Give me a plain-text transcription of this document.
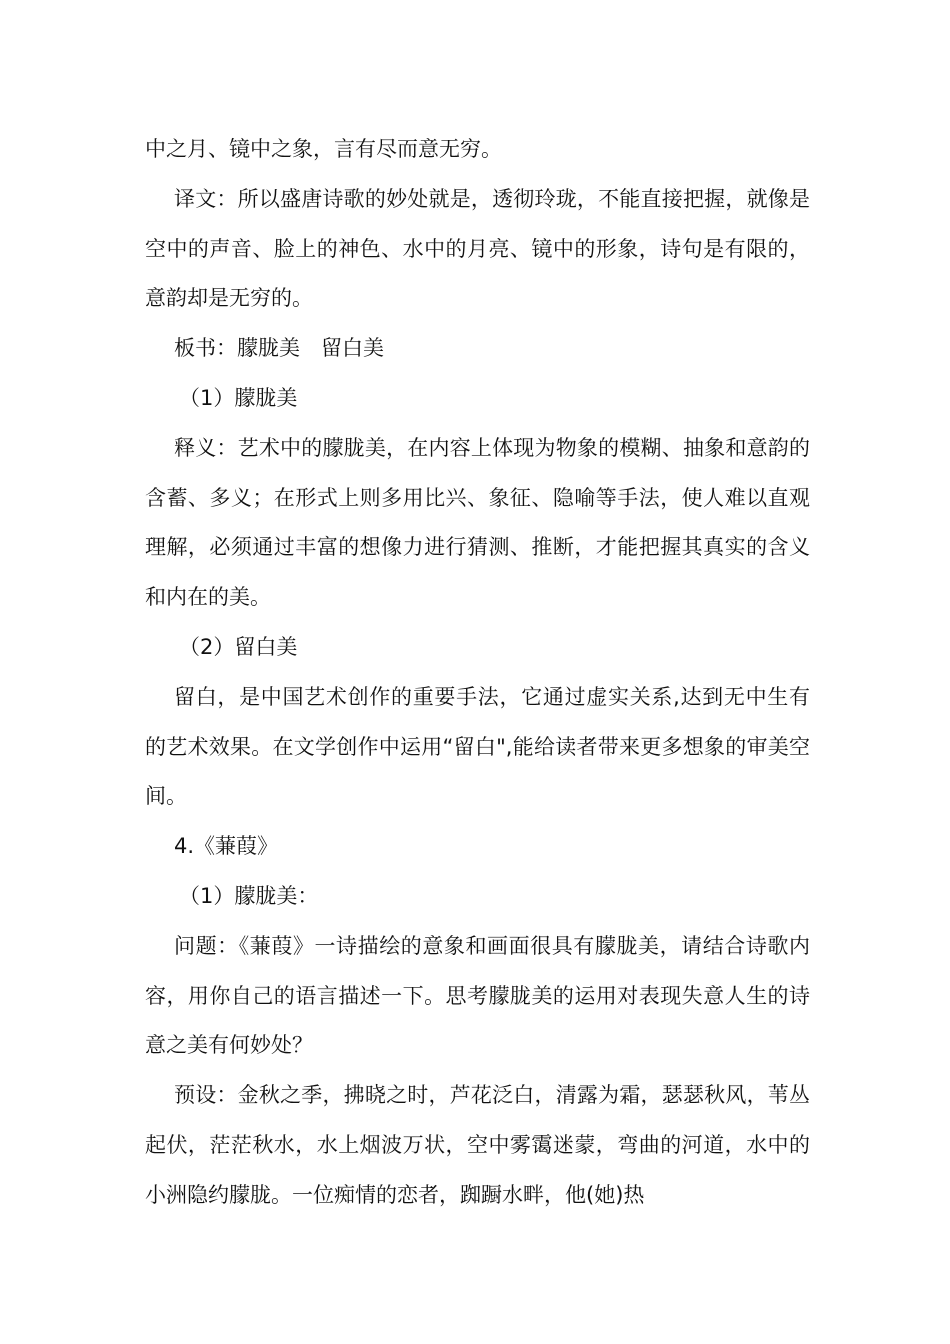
中之月、镜中之象，言有尽而意无穷。

译文：所以盛唐诗歌的妙处就是，透彻玲珑，不能直接把握，就像是空中的声音、脸上的神色、水中的月亮、镜中的形象，诗句是有限的，意韵却是无穷的。

板书：朦胧美　留白美

（1）朦胧美

释义：艺术中的朦胧美，在内容上体现为物象的模糊、抽象和意韵的含蓄、多义；在形式上则多用比兴、象征、隐喻等手法，使人难以直观理解，必须通过丰富的想像力进行猜测、推断，才能把握其真实的含义和内在的美。

（2）留白美

留白，是中国艺术创作的重要手法，它通过虚实关系,达到无中生有的艺术效果。在文学创作中运用“留白",能给读者带来更多想象的审美空间。

4.《蒹葭》

（1）朦胧美：

问题：《蒹葭》一诗描绘的意象和画面很具有朦胧美，请结合诗歌内容，用你自己的语言描述一下。思考朦胧美的运用对表现失意人生的诗意之美有何妙处？

预设：金秋之季，拂晓之时，芦花泛白，清露为霜，瑟瑟秋风，苇丛起伏，茫茫秋水，水上烟波万状，空中雾霭迷蒙，弯曲的河道，水中的小洲隐约朦胧。一位痴情的恋者，踟蹰水畔，他(她)热
